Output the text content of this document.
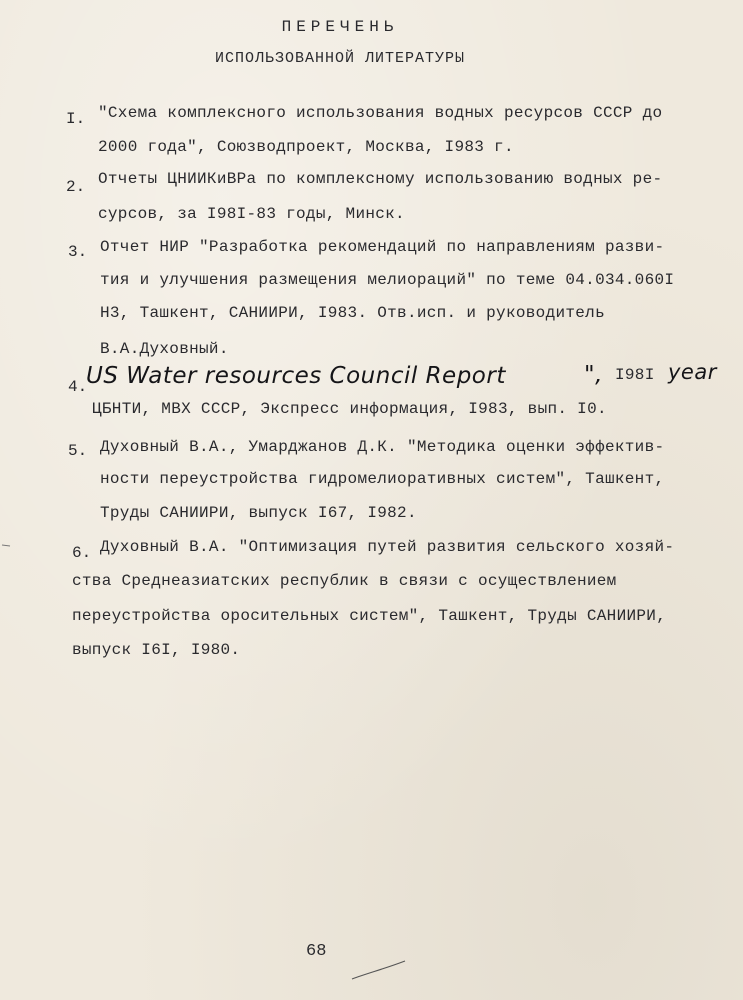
ПЕРЕЧЕНЬ
ИСПОЛЬЗОВАННОЙ ЛИТЕРАТУРЫ
I. "Схема комплексного использования водных ресурсов СССР до
2000 года", Союзводпроект, Москва, I983 г.
2. Отчеты ЦНИИКиВРа по комплексному использованию водных ре-
сурсов, за I98I-83 годы, Минск.
3. Отчет НИР "Разработка рекомендаций по направлениям разви-
тия и улучшения размещения мелиораций" по теме 04.034.060I
Н3, Ташкент, САНИИРИ, I983. Отв.исп. и руководитель
В.А.Духовный.
4.
US Water resources Council Report	", I98I year
ЦБНТИ, МВХ СССР, Экспресс информация, I983, вып. I0.
5. Духовный В.А., Умарджанов Д.К. "Методика оценки эффектив-
ности переустройства гидромелиоративных систем", Ташкент,
Труды САНИИРИ, выпуск I67, I982.
6. Духовный В.А. "Оптимизация путей развития сельского хозяй-
ства Среднеазиатских республик в связи с осуществлением
переустройства оросительных систем", Ташкент, Труды САНИИРИ,
выпуск I6I, I980.
68
